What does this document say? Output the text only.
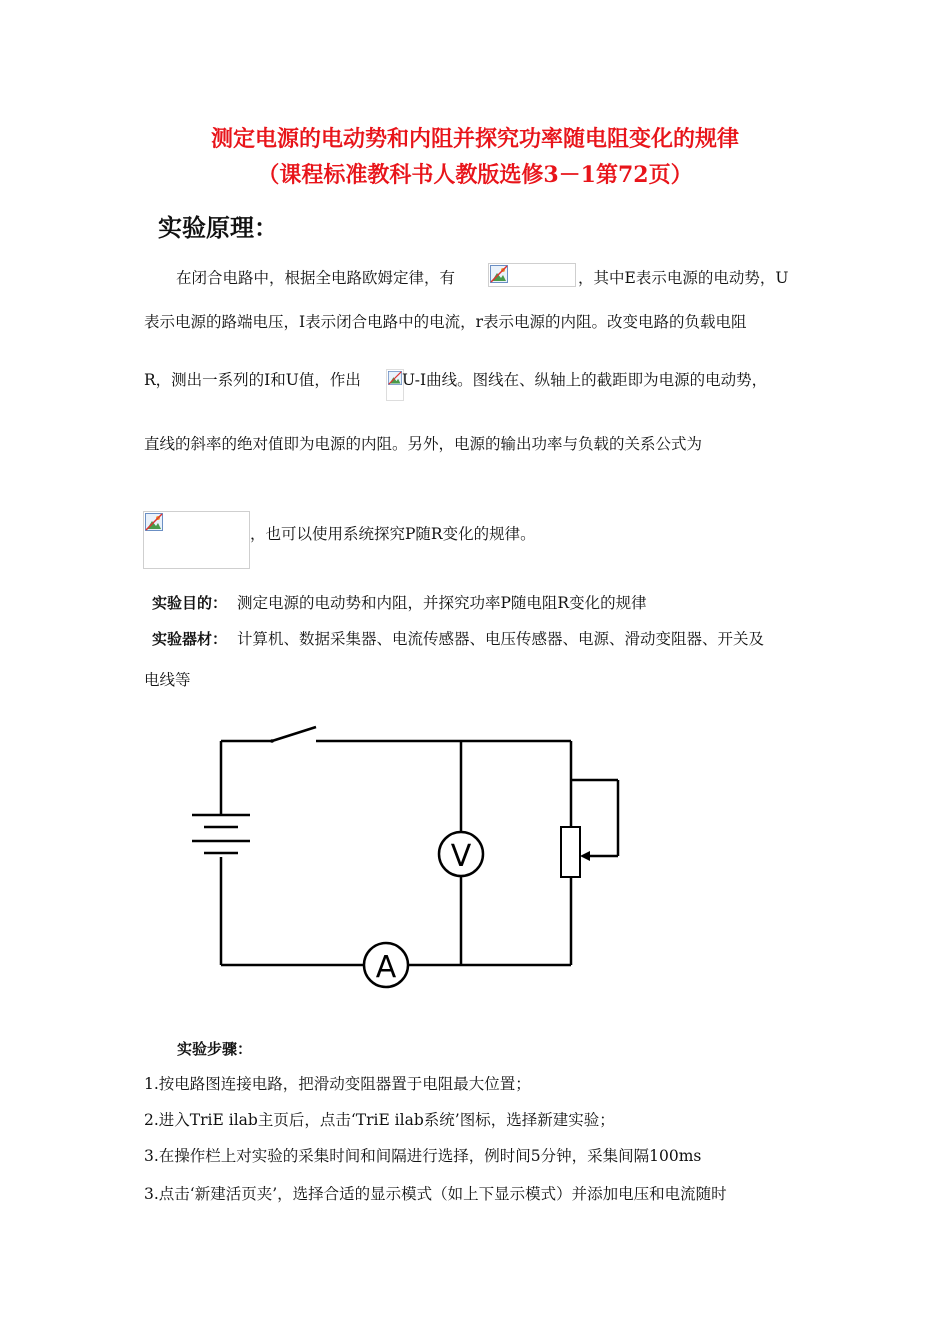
测定电源的电动势和内阻并探究功率随电阻变化的规律
（课程标准教科书人教版选修3－1第72页）
实验原理：
在闭合电路中，根据全电路欧姆定律，有	，其中E表示电源的电动势，U
表示电源的路端电压，I表示闭合电路中的电流，r表示电源的内阻。改变电路的负载电阻
R，测出一系列的I和U值，作出	U-I曲线。图线在、纵轴上的截距即为电源的电动势，
直线的斜率的绝对值即为电源的内阻。另外，电源的输出功率与负载的关系公式为
，也可以使用系统探究P随R变化的规律。
实验目的： 测定电源的电动势和内阻，并探究功率P随电阻R变化的规律
实验器材： 计算机、数据采集器、电流传感器、电压传感器、电源、滑动变阻器、开关及
电线等
V
A
实验步骤：
1.按电路图连接电路，把滑动变阻器置于电阻最大位置；
2.进入TriE ilab主页后，点击‘TriE ilab系统’图标，选择新建实验；
3.在操作栏上对实验的采集时间和间隔进行选择，例时间5分钟，采集间隔100ms
3.点击‘新建活页夹’，选择合适的显示模式（如上下显示模式）并添加电压和电流随时
